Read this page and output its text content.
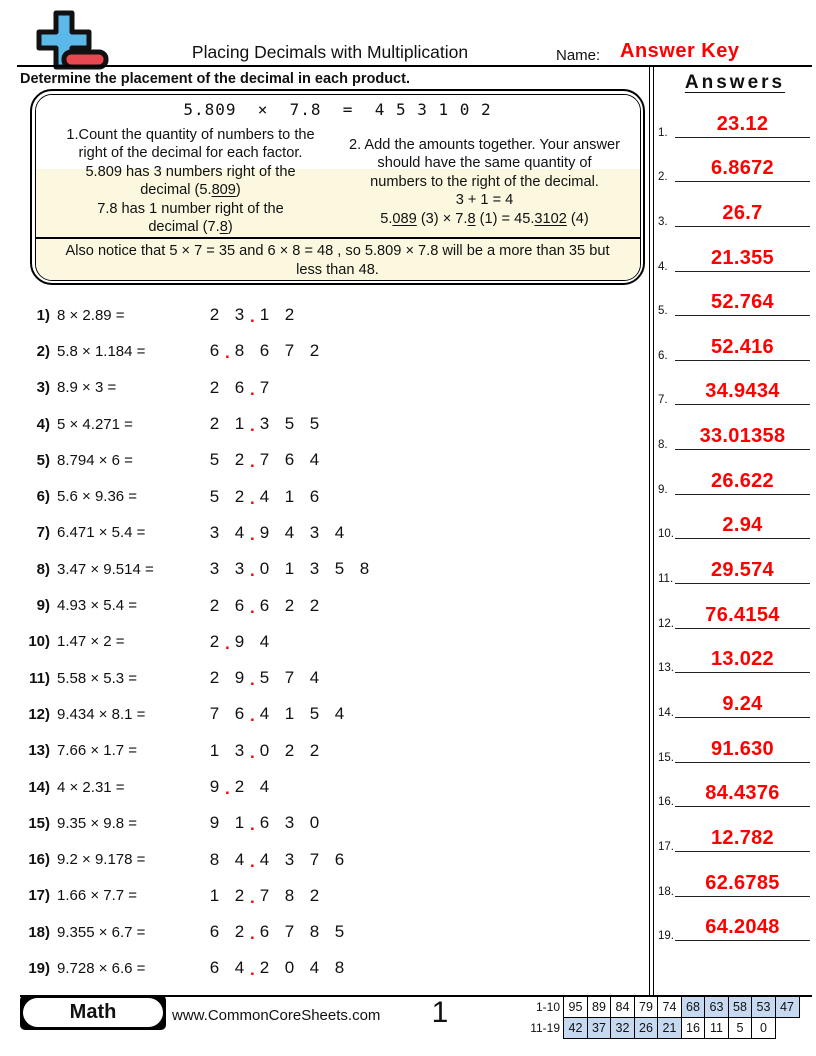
Placing Decimals with Multiplication	Name: Answer Key
Determine the placement of the decimal in each product.
5.809  ×  7.8  =  4 5 3 1 0 2
1.Count the quantity of numbers to the
right of the decimal for each factor.
5.809 has 3 numbers right of the
decimal (5.809)
7.8 has 1 number right of the
decimal (7.8)
2. Add the amounts together. Your answer
should have the same quantity of
numbers to the right of the decimal.
3 + 1 = 4
5.089 (3) × 7.8 (1) = 45.3102 (4)
Also notice that 5 × 7 = 35 and 6 × 8 = 48 , so 5.809 × 7.8 will be a more than 35 but less than 48.
1) 8 × 2.89 =	2 3 . 1 2
2) 5.8 × 1.184 =	6 . 8 6 7 2
3) 8.9 × 3 =	2 6 . 7
4) 5 × 4.271 =	2 1 . 3 5 5
5) 8.794 × 6 =	5 2 . 7 6 4
6) 5.6 × 9.36 =	5 2 . 4 1 6
7) 6.471 × 5.4 =	3 4 . 9 4 3 4
8) 3.47 × 9.514 =	3 3 . 0 1 3 5 8
9) 4.93 × 5.4 =	2 6 . 6 2 2
10) 1.47 × 2 =	2 . 9 4
11) 5.58 × 5.3 =	2 9 . 5 7 4
12) 9.434 × 8.1 =	7 6 . 4 1 5 4
13) 7.66 × 1.7 =	1 3 . 0 2 2
14) 4 × 2.31 =	9 . 2 4
15) 9.35 × 9.8 =	9 1 . 6 3 0
16) 9.2 × 9.178 =	8 4 . 4 3 7 6
17) 1.66 × 7.7 =	1 2 . 7 8 2
18) 9.355 × 6.7 =	6 2 . 6 7 8 5
19) 9.728 × 6.6 =	6 4 . 2 0 4 8
Answers
1.	23.12
2.	6.8672
3.	26.7
4.	21.355
5.	52.764
6.	52.416
7.	34.9434
8.	33.01358
9.	26.622
10.	2.94
11.	29.574
12.	76.4154
13.	13.022
14.	9.24
15.	91.630
16.	84.4376
17.	12.782
18.	62.6785
19.	64.2048
Math	www.CommonCoreSheets.com	1	1-10 95 89 84 79 74 68 63 58 53 47
11-19 42 37 32 26 21 16 11	5	0
